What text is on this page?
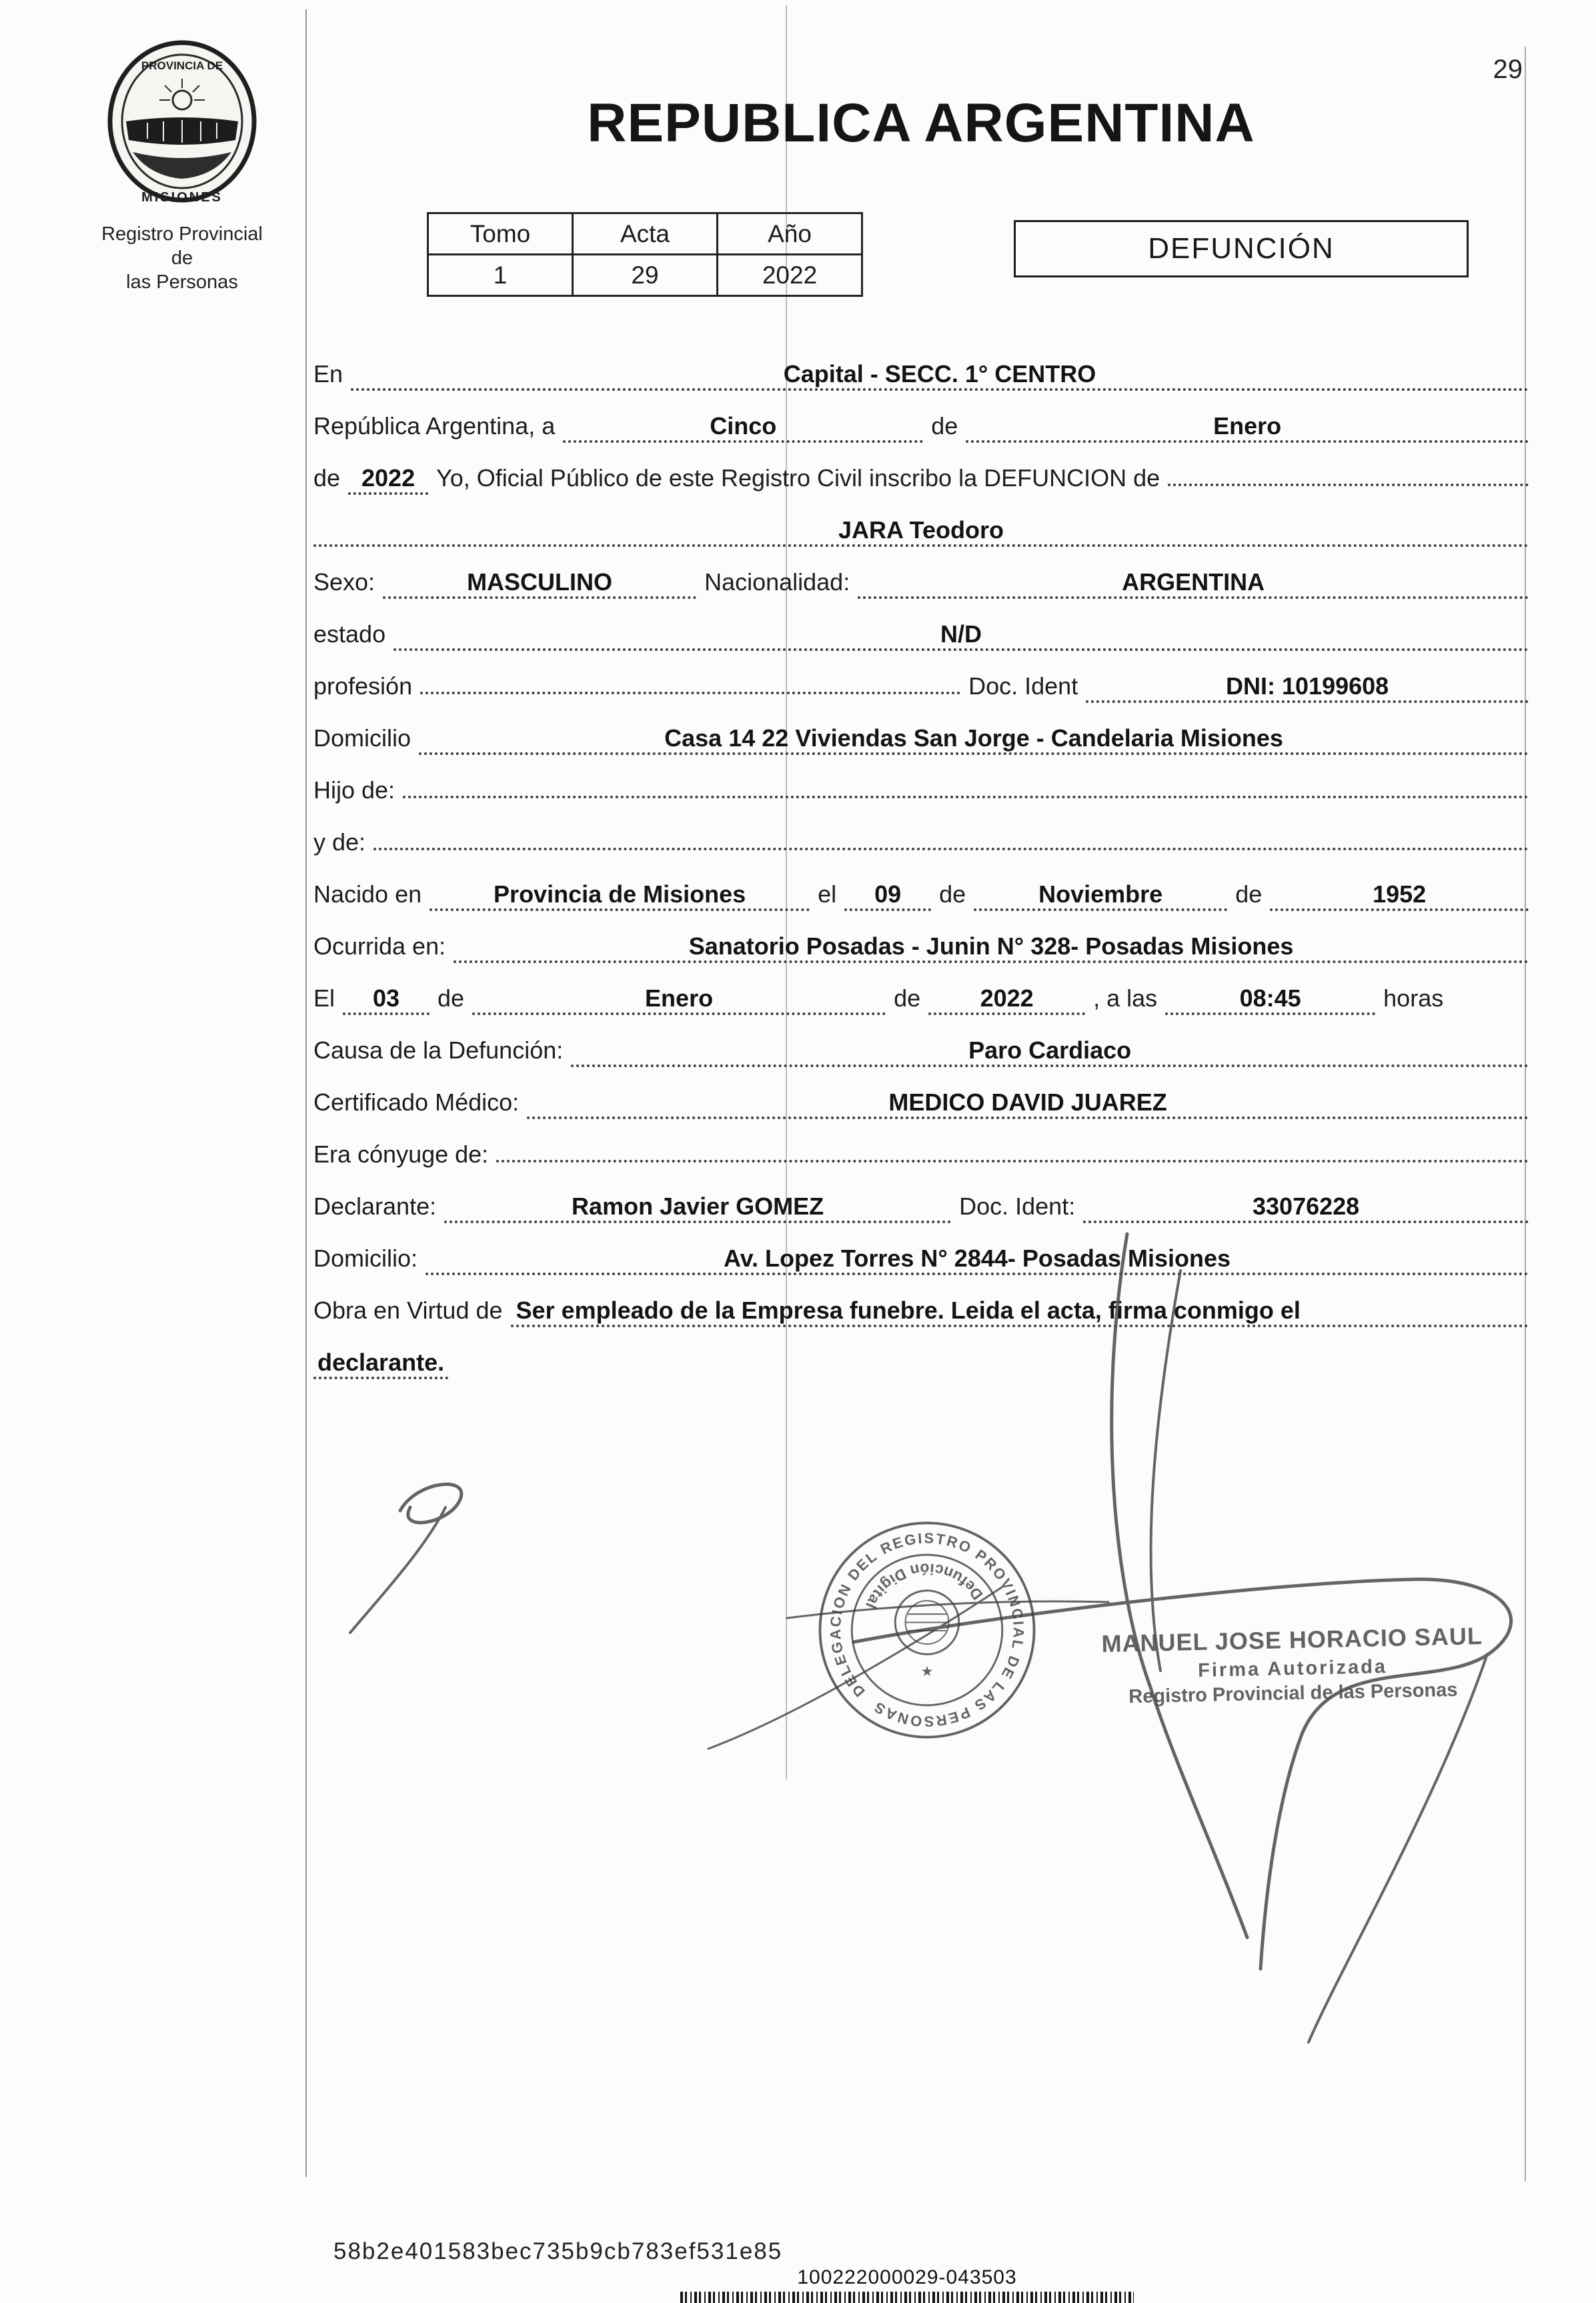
29
PROVINCIA DE
MISIONES
Registro Provincial de
las Personas
REPUBLICA ARGENTINA
Tomo	Acta	Año
1	29	2022
DEFUNCIÓN
En	Capital - SECC. 1° CENTRO
República Argentina, a	Cinco	de	Enero
de 2022 Yo, Oficial Público de este Registro Civil inscribo la DEFUNCION de
JARA Teodoro
Sexo:	MASCULINO	Nacionalidad:	ARGENTINA
estado	N/D
profesión	Doc. Ident	DNI: 10199608
Domicilio	Casa 14 22 Viviendas San Jorge - Candelaria Misiones
Hijo de:
y de:
Nacido en	Provincia de Misiones	el	09	de	Noviembre	de	1952
Ocurrida en:	Sanatorio Posadas - Junin N° 328- Posadas Misiones
El	03	de	Enero	de	2022	, a las	08:45	horas
Causa de la Defunción:	Paro Cardiaco
Certificado Médico:	MEDICO DAVID JUAREZ
Era cónyuge de:
Declarante:	Ramon Javier GOMEZ	Doc. Ident:	33076228
Domicilio:	Av. Lopez Torres N° 2844- Posadas Misiones
Obra en Virtud de Ser empleado de la Empresa funebre. Leida el acta, firma conmigo el
declarante.
DELEGACION DEL REGISTRO PROVINCIAL DE LAS PERSONAS
Defunción Digital
★
MANUEL JOSE HORACIO SAUL
Firma Autorizada
Registro Provincial de las Personas
58b2e401583bec735b9cb783ef531e85
100222000029-043503
